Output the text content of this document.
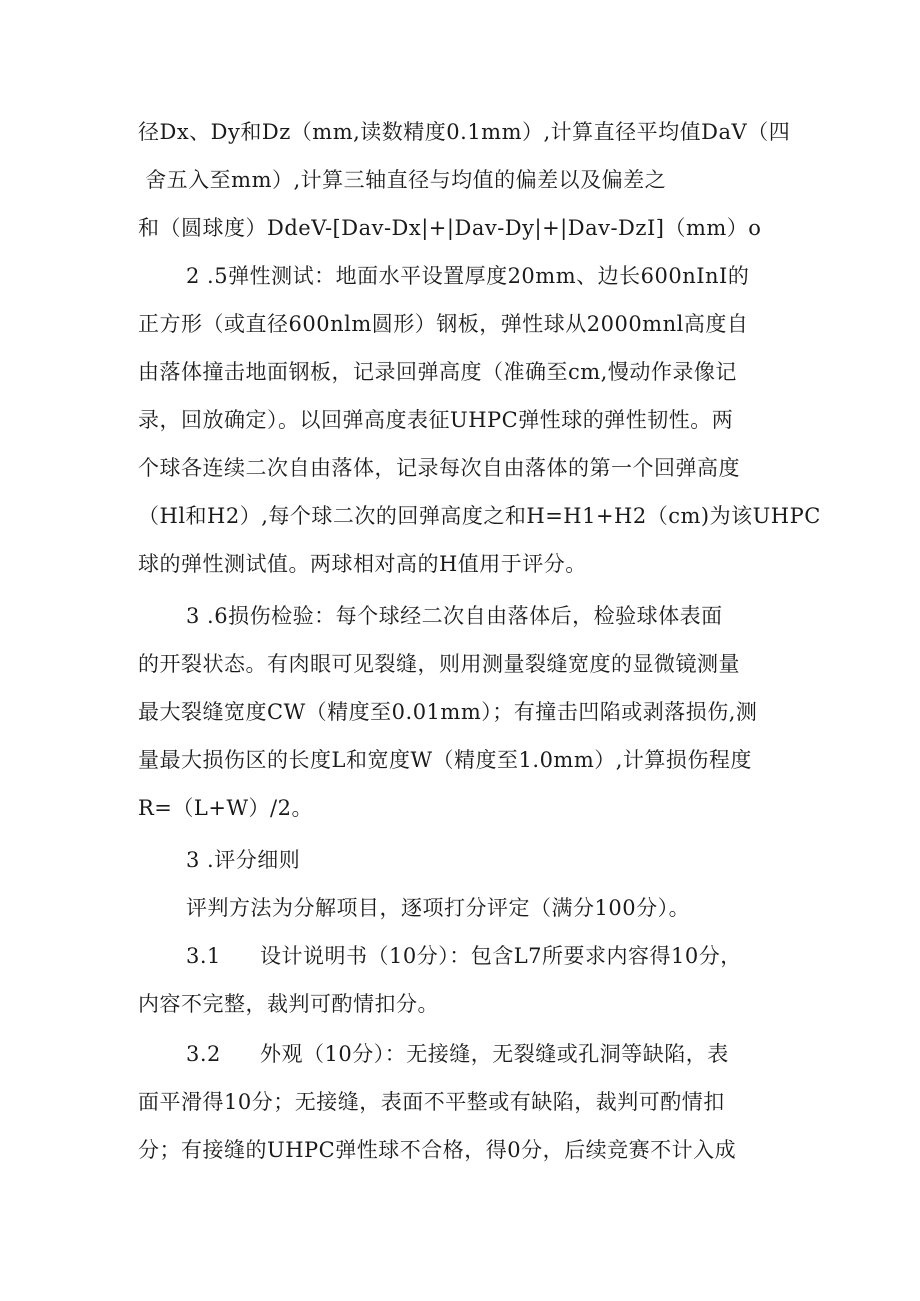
径Dx、Dy和Dz（mm,读数精度0.1mm）,计算直径平均值DaV（四
舍五入至mm）,计算三轴直径与均值的偏差以及偏差之
和（圆球度）DdeV-[Dav-Dx|+|Dav-Dy|+|Dav-DzI]（mm）o
2 .5弹性测试：地面水平设置厚度20mm、边长600nInI的
正方形（或直径600nlm圆形）钢板，弹性球从2000mnl高度自
由落体撞击地面钢板，记录回弹高度（准确至cm,慢动作录像记
录，回放确定）。以回弹高度表征UHPC弹性球的弹性韧性。两
个球各连续二次自由落体，记录每次自由落体的第一个回弹高度
（Hl和H2）,每个球二次的回弹高度之和H=H1+H2（cm)为该UHPC
球的弹性测试值。两球相对高的H值用于评分。
3 .6损伤检验：每个球经二次自由落体后，检验球体表面
的开裂状态。有肉眼可见裂缝，则用测量裂缝宽度的显微镜测量
最大裂缝宽度CW（精度至0.01mm）；有撞击凹陷或剥落损伤,测
量最大损伤区的长度L和宽度W（精度至1.0mm）,计算损伤程度
R=（L+W）/2。
3 .评分细则
评判方法为分解项目，逐项打分评定（满分100分）。
3.1 设计说明书（10分）：包含L7所要求内容得10分，
内容不完整，裁判可酌情扣分。
3.2 外观（10分）：无接缝，无裂缝或孔洞等缺陷，表
面平滑得10分；无接缝，表面不平整或有缺陷，裁判可酌情扣
分；有接缝的UHPC弹性球不合格，得0分，后续竞赛不计入成
